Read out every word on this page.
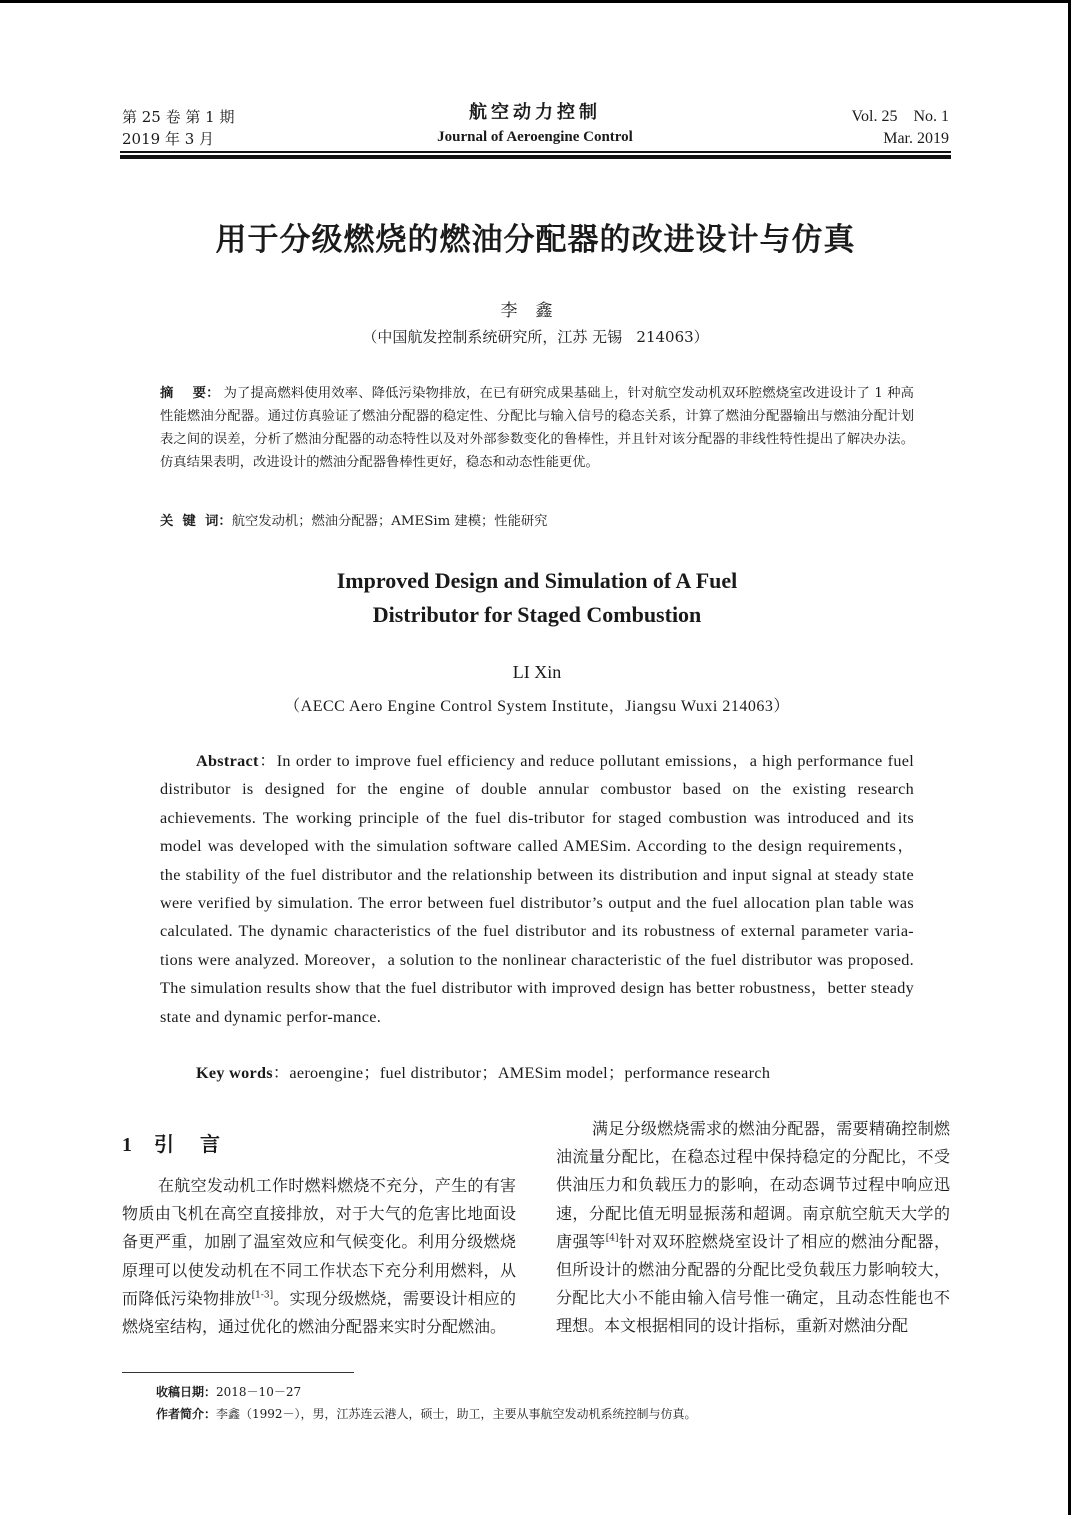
第 25 卷 第 1 期
2019 年 3 月
航空动力控制
Journal of Aeroengine Control
Vol. 25    No. 1
Mar. 2019
用于分级燃烧的燃油分配器的改进设计与仿真
李鑫
（中国航发控制系统研究所，江苏 无锡   214063）
摘    要： 为了提高燃料使用效率、降低污染物排放，在已有研究成果基础上，针对航空发动机双环腔燃烧室改进设计了 1 种高性能燃油分配器。通过仿真验证了燃油分配器的稳定性、分配比与输入信号的稳态关系，计算了燃油分配器输出与燃油分配计划表之间的误差，分析了燃油分配器的动态特性以及对外部参数变化的鲁棒性，并且针对该分配器的非线性特性提出了解决办法。仿真结果表明，改进设计的燃油分配器鲁棒性更好，稳态和动态性能更优。
关  键  词：航空发动机；燃油分配器；AMESim 建模；性能研究
Improved Design and Simulation of A Fuel
Distributor for Staged Combustion
LI Xin
（AECC Aero Engine Control System Institute，Jiangsu Wuxi 214063）
Abstract：In order to improve fuel efficiency and reduce pollutant emissions，a high performance fuel distributor is designed for the engine of double annular combustor based on the existing research achievements. The working principle of the fuel dis-tributor for staged combustion was introduced and its model was developed with the simulation software called AMESim. According to the design requirements，the stability of the fuel distributor and the relationship between its distribution and input signal at steady state were verified by simulation. The error between fuel distributor’s output and the fuel allocation plan table was calculated. The dynamic characteristics of the fuel distributor and its robustness of external parameter varia-tions were analyzed. Moreover，a solution to the nonlinear characteristic of the fuel distributor was proposed. The simulation results show that the fuel distributor with improved design has better robustness，better steady state and dynamic perfor-mance.
Key words：aeroengine；fuel distributor；AMESim model；performance research
1 引言

在航空发动机工作时燃料燃烧不充分，产生的有害物质由飞机在高空直接排放，对于大气的危害比地面设备更严重，加剧了温室效应和气候变化。利用分级燃烧原理可以使发动机在不同工作状态下充分利用燃料，从而降低污染物排放[1-3]。实现分级燃烧，需要设计相应的燃烧室结构，通过优化的燃油分配器来实时分配燃油。

满足分级燃烧需求的燃油分配器，需要精确控制燃油流量分配比，在稳态过程中保持稳定的分配比，不受供油压力和负载压力的影响，在动态调节过程中响应迅速，分配比值无明显振荡和超调。南京航空航天大学的唐强等[4]针对双环腔燃烧室设计了相应的燃油分配器，但所设计的燃油分配器的分配比受负载压力影响较大，分配比大小不能由输入信号惟一确定，且动态性能也不理想。本文根据相同的设计指标，重新对燃油分配

收稿日期：2018－10－27
作者简介：李鑫（1992－），男，江苏连云港人，硕士，助工，主要从事航空发动机系统控制与仿真。
